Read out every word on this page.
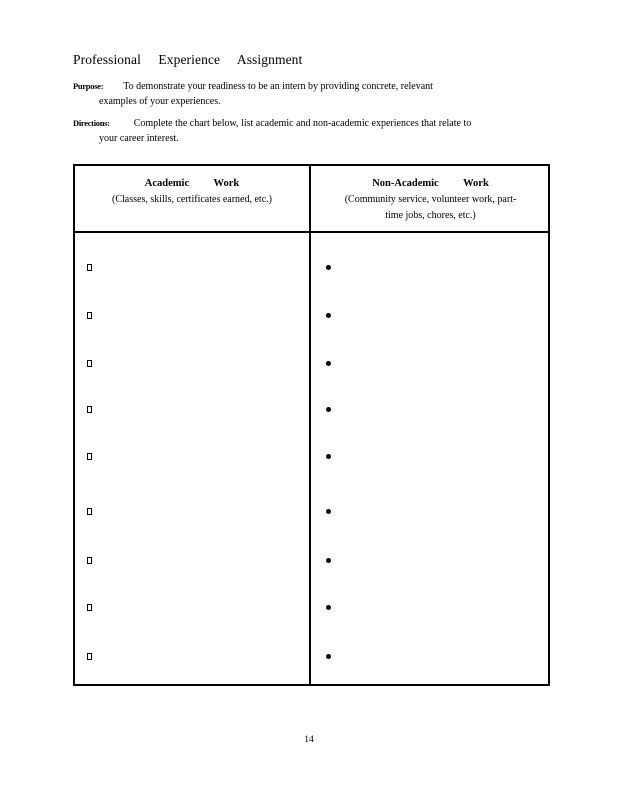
Professional Experience Assignment
Purpose:	To demonstrate your readiness to be an intern by providing concrete, relevant
examples of your experiences.
Directions:	Complete the chart below, list academic and non-academic experiences that relate to
your career interest.
Academic Work
(Classes, skills, certificates earned, etc.)
Non-Academic Work
(Community service, volunteer work, part-
time jobs, chores, etc.)
14
